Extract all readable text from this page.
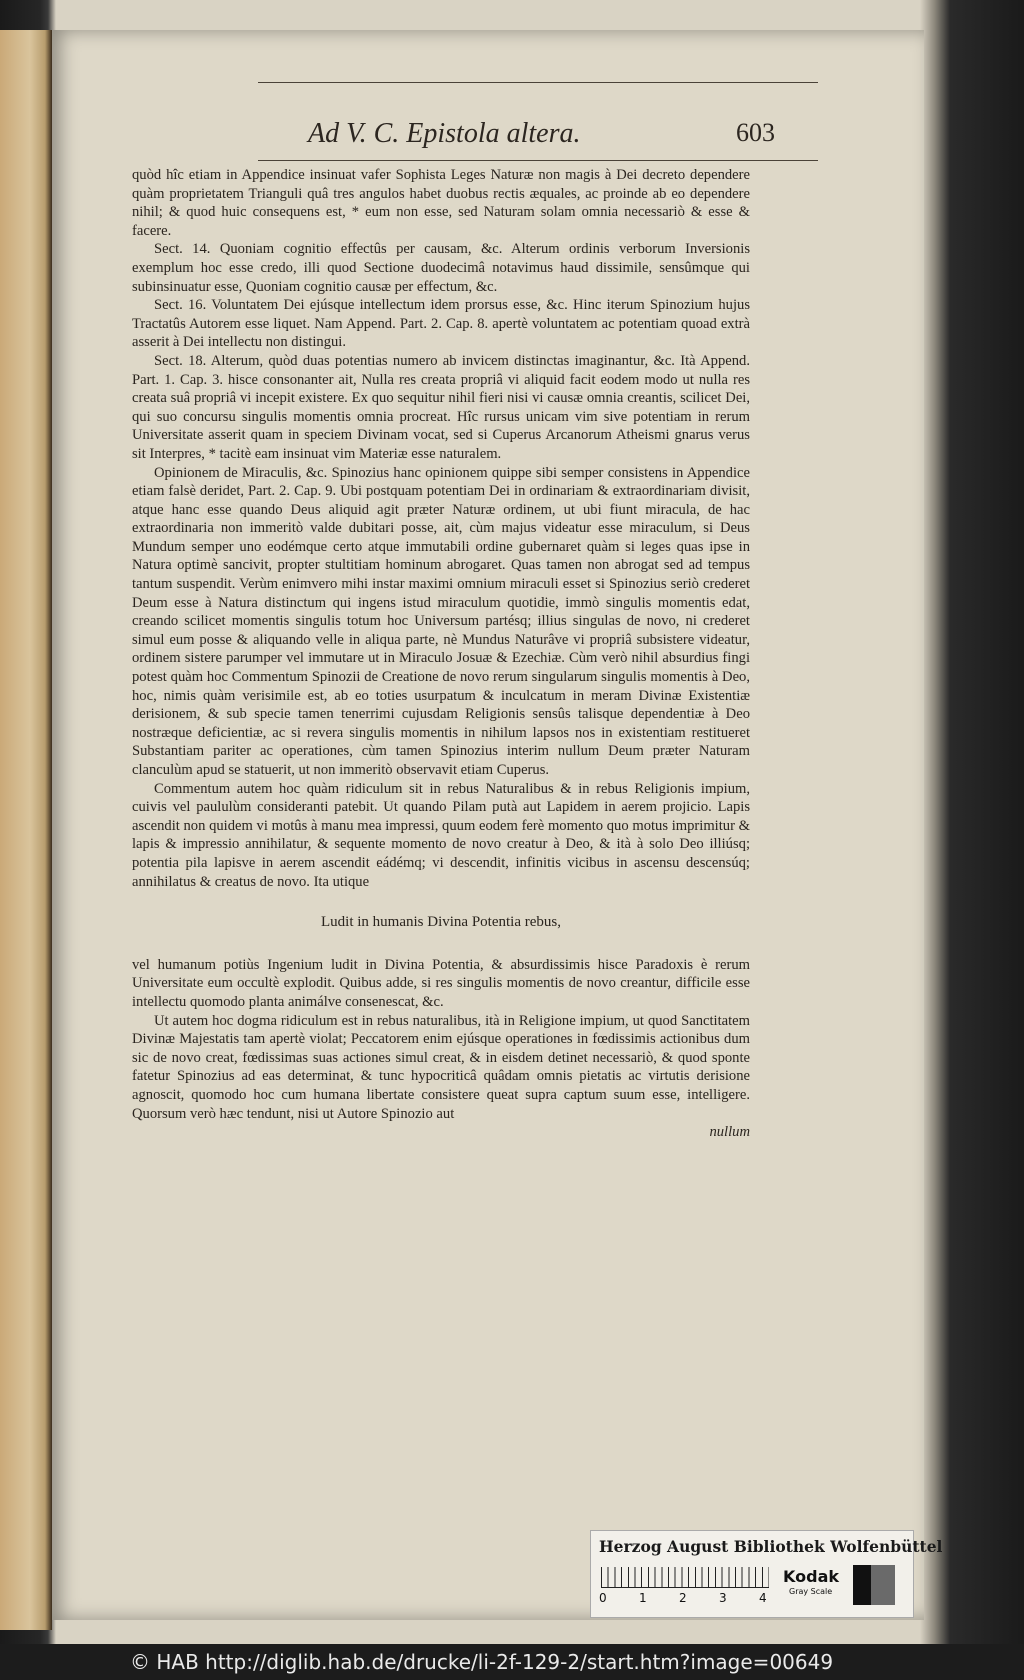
Ad V. C. Epistola altera.	603

quòd hîc etiam in Appendice insinuat vafer Sophista Leges Naturæ non magis à Dei decreto dependere quàm proprietatem Trianguli quâ tres angulos habet duobus rectis æquales, ac proinde ab eo dependere nihil; & quod huic consequens est, * eum non esse, sed Naturam solam omnia necessariò & esse & facere.

Sect. 14. Quoniam cognitio effectûs per causam, &c. Alterum ordinis verborum Inversionis exemplum hoc esse credo, illi quod Sectione duodecimâ notavimus haud dissimile, sensûmque qui subinsinuatur esse, Quoniam cognitio causæ per effectum, &c.

Sect. 16. Voluntatem Dei ejúsque intellectum idem prorsus esse, &c. Hinc iterum Spinozium hujus Tractatûs Autorem esse liquet. Nam Append. Part. 2. Cap. 8. apertè voluntatem ac potentiam quoad extrà asserit à Dei intellectu non distingui.

Sect. 18. Alterum, quòd duas potentias numero ab invicem distinctas imaginantur, &c. Ità Append. Part. 1. Cap. 3. hisce consonanter ait, Nulla res creata propriâ vi aliquid facit eodem modo ut nulla res creata suâ propriâ vi incepit existere. Ex quo sequitur nihil fieri nisi vi causæ omnia creantis, scilicet Dei, qui suo concursu singulis momentis omnia procreat. Hîc rursus unicam vim sive potentiam in rerum Universitate asserit quam in speciem Divinam vocat, sed si Cuperus Arcanorum Atheismi gnarus verus sit Interpres, * tacitè eam insinuat vim Materiæ esse naturalem.

Opinionem de Miraculis, &c. Spinozius hanc opinionem quippe sibi semper consistens in Appendice etiam falsè deridet, Part. 2. Cap. 9. Ubi postquam potentiam Dei in ordinariam & extraordinariam divisit, atque hanc esse quando Deus aliquid agit præter Naturæ ordinem, ut ubi fiunt miracula, de hac extraordinaria non immeritò valde dubitari posse, ait, cùm majus videatur esse miraculum, si Deus Mundum semper uno eodémque certo atque immutabili ordine gubernaret quàm si leges quas ipse in Natura optimè sancivit, propter stultitiam hominum abrogaret. Quas tamen non abrogat sed ad tempus tantum suspendit. Verùm enimvero mihi instar maximi omnium miraculi esset si Spinozius seriò crederet Deum esse à Natura distinctum qui ingens istud miraculum quotidie, immò singulis momentis edat, creando scilicet momentis singulis totum hoc Universum partésq; illius singulas de novo, ni crederet simul eum posse & aliquando velle in aliqua parte, nè Mundus Naturâve vi propriâ subsistere videatur, ordinem sistere parumper vel immutare ut in Miraculo Josuæ & Ezechiæ. Cùm verò nihil absurdius fingi potest quàm hoc Commentum Spinozii de Creatione de novo rerum singularum singulis momentis à Deo, hoc, nimis quàm verisimile est, ab eo toties usurpatum & inculcatum in meram Divinæ Existentiæ derisionem, & sub specie tamen tenerrimi cujusdam Religionis sensûs talisque dependentiæ à Deo nostræque deficientiæ, ac si revera singulis momentis in nihilum lapsos nos in existentiam restitueret Substantiam pariter ac operationes, cùm tamen Spinozius interim nullum Deum præter Naturam clanculùm apud se statuerit, ut non immeritò observavit etiam Cuperus.

Commentum autem hoc quàm ridiculum sit in rebus Naturalibus & in rebus Religionis impium, cuivis vel paululùm consideranti patebit. Ut quando Pilam putà aut Lapidem in aerem projicio. Lapis ascendit non quidem vi motûs à manu mea impressi, quum eodem ferè momento quo motus imprimitur & lapis & impressio annihilatur, & sequente momento de novo creatur à Deo, & ità à solo Deo illiúsq; potentia pila lapisve in aerem ascendit eádémq; vi descendit, infinitis vicibus in ascensu descensúq; annihilatus & creatus de novo. Ita utique

Ludit in humanis Divina Potentia rebus,

vel humanum potiùs Ingenium ludit in Divina Potentia, & absurdissimis hisce Paradoxis è rerum Universitate eum occultè explodit. Quibus adde, si res singulis momentis de novo creantur, difficile esse intellectu quomodo planta animálve consenescat, &c.

Ut autem hoc dogma ridiculum est in rebus naturalibus, ità in Religione impium, ut quod Sanctitatem Divinæ Majestatis tam apertè violat; Peccatorem enim ejúsque operationes in fœdissimis actionibus dum sic de novo creat, fœdissimas suas actiones simul creat, & in eisdem detinet necessariò, & quod sponte fatetur Spinozius ad eas determinat, & tunc hypocriticâ quâdam omnis pietatis ac virtutis derisione agnoscit, quomodo hoc cum humana libertate consistere queat supra captum suum esse, intelligere. Quorsum verò hæc tendunt, nisi ut Autore Spinozio aut

nullum

Herzog August Bibliothek Wolfenbüttel
0	1	2	3	4
Kodak
Gray Scale
© HAB http://diglib.hab.de/drucke/li-2f-129-2/start.htm?image=00649
